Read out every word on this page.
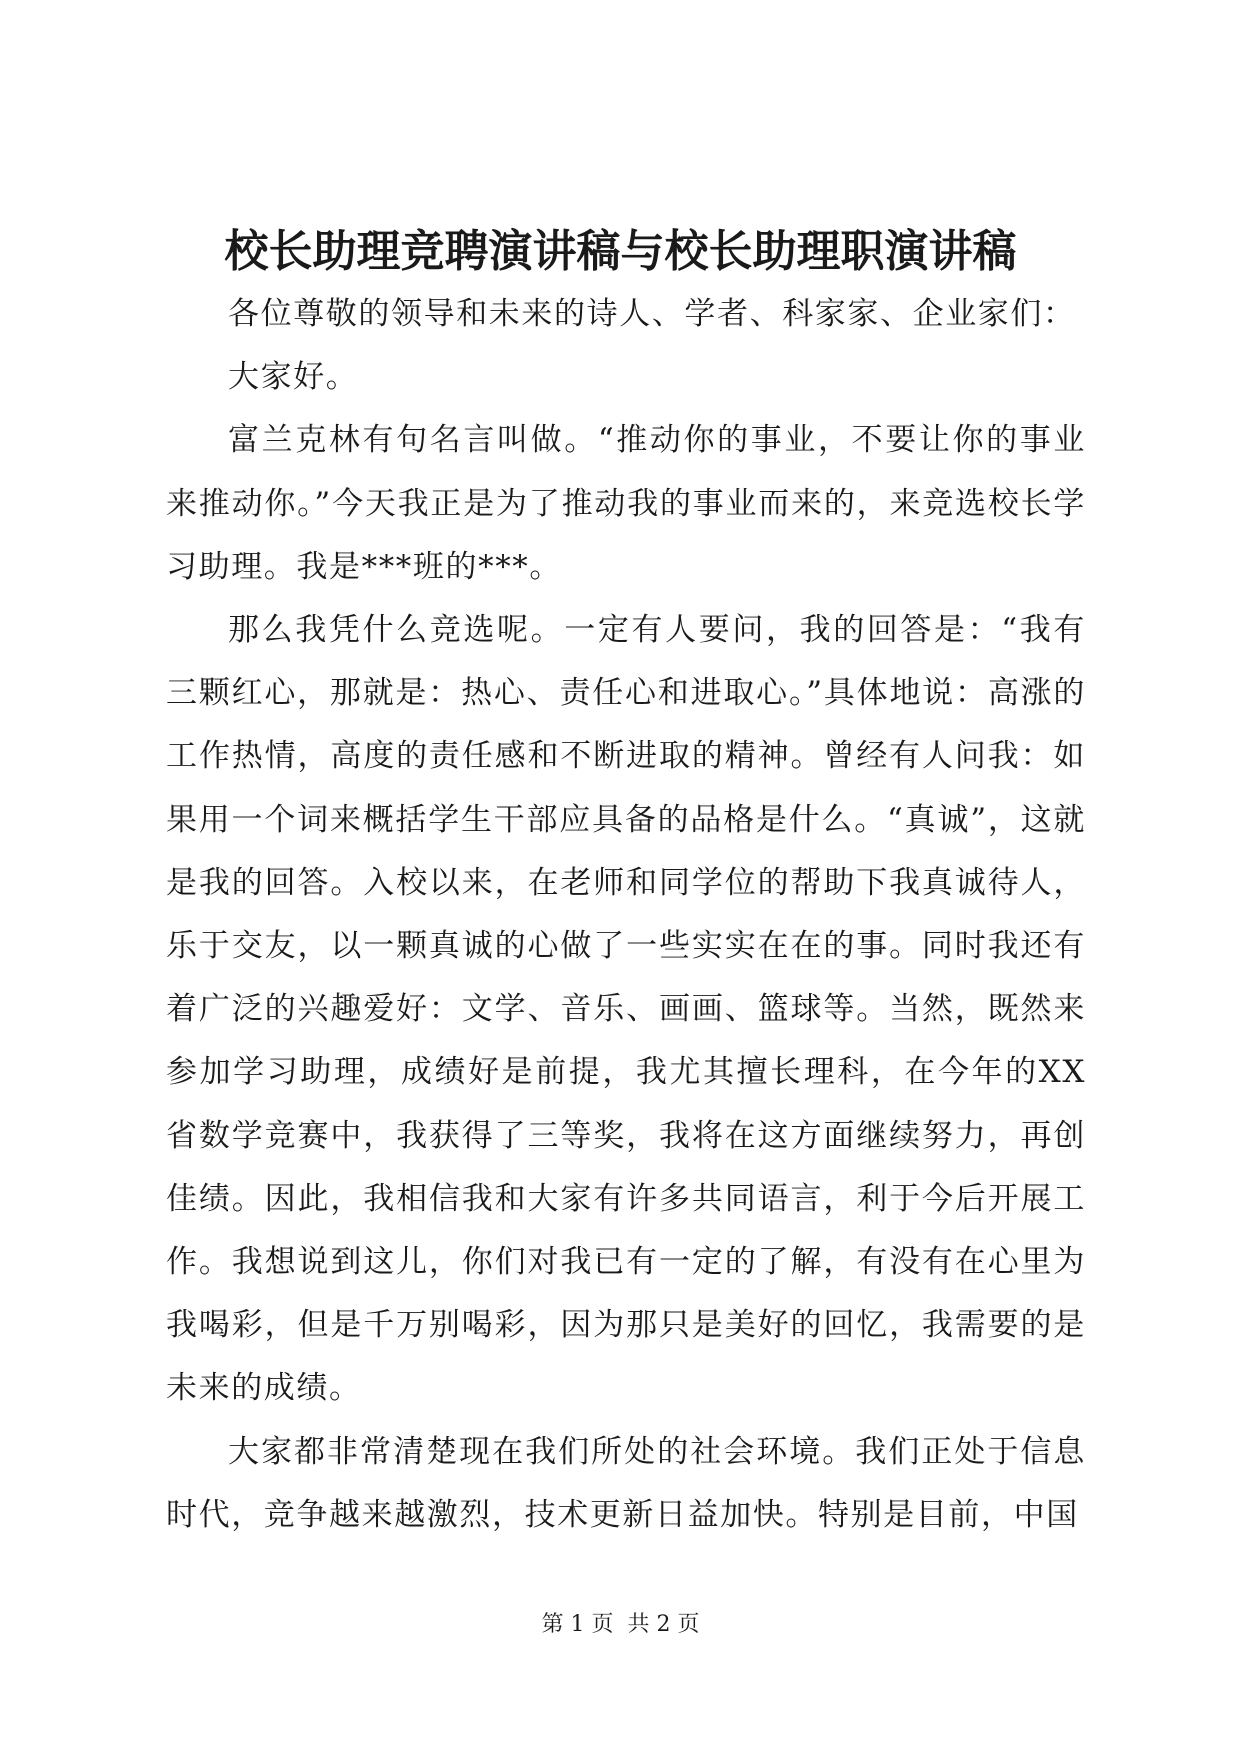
校长助理竞聘演讲稿与校长助理职演讲稿

各位尊敬的领导和未来的诗人、学者、科家家、企业家们：

大家好。

富兰克林有句名言叫做。“推动你的事业，不要让你的事业来推动你。”今天我正是为了推动我的事业而来的，来竞选校长学习助理。我是***班的***。

那么我凭什么竞选呢。一定有人要问，我的回答是：“我有三颗红心，那就是：热心、责任心和进取心。”具体地说：高涨的工作热情，高度的责任感和不断进取的精神。曾经有人问我：如果用一个词来概括学生干部应具备的品格是什么。“真诚”，这就是我的回答。入校以来，在老师和同学位的帮助下我真诚待人，乐于交友，以一颗真诚的心做了一些实实在在的事。同时我还有着广泛的兴趣爱好：文学、音乐、画画、篮球等。当然，既然来参加学习助理，成绩好是前提，我尤其擅长理科，在今年的XX省数学竞赛中，我获得了三等奖，我将在这方面继续努力，再创佳绩。因此，我相信我和大家有许多共同语言，利于今后开展工作。我想说到这儿，你们对我已有一定的了解，有没有在心里为我喝彩，但是千万别喝彩，因为那只是美好的回忆，我需要的是未来的成绩。

大家都非常清楚现在我们所处的社会环境。我们正处于信息时代，竞争越来越激烈，技术更新日益加快。特别是目前，中国

第 1 页  共 2 页
